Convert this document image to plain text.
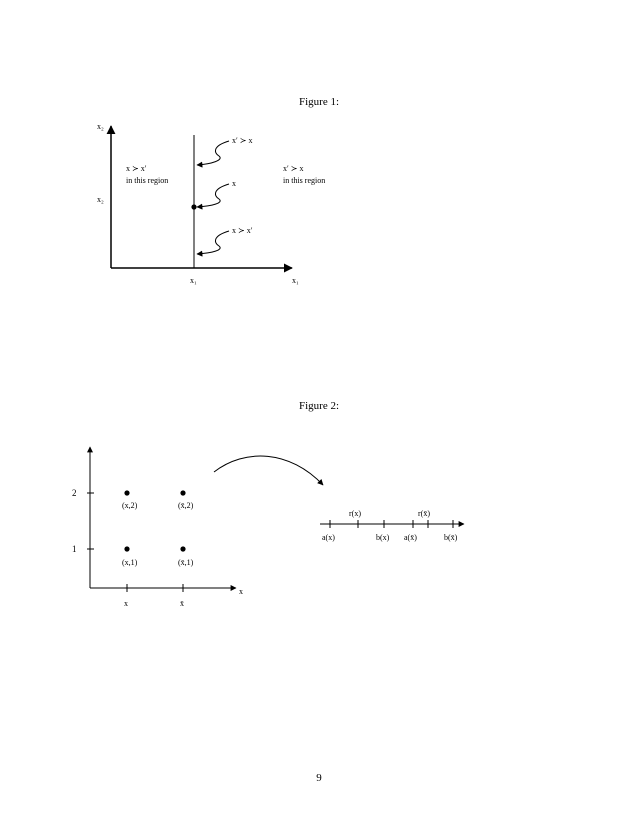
Figure 1:
x₂
x₁
x₂
x₁
x ≻ x′
in this region
x′ ≻ x
in this region
x′ ≻ x
x
x ≻ x′
Figure 2:
2
1
x	x̄
x
(x,2)	(x̄,2)
(x,1)	(x̄,1)
r(x)	r(x̄)
a(x)	b(x) a(x̄)	b(x̄)
9
